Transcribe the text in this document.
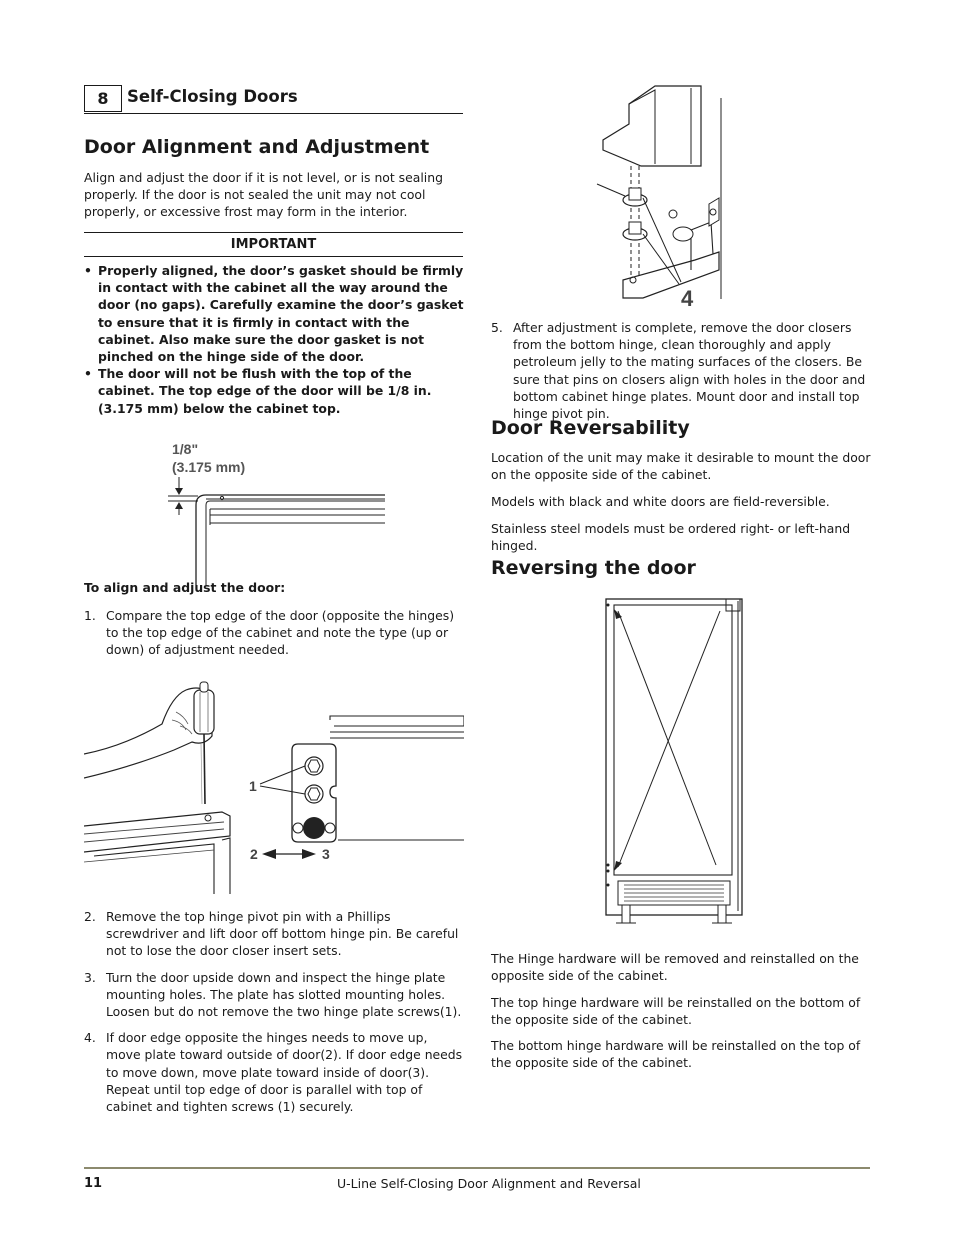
8	Self-Closing Doors
Door Alignment and Adjustment

Align and adjust the door if it is not level, or is not sealing properly. If the door is not sealed the unit may not cool properly, or excessive frost may form in the interior.

IMPORTANT
• Properly aligned, the door’s gasket should be firmly in contact with the cabinet all the way around the door (no gaps). Carefully examine the door’s gasket to ensure that it is firmly in contact with the cabinet. Also make sure the door gasket is not pinched on the hinge side of the door.
• The door will not be flush with the top of the cabinet. The top edge of the door will be 1/8 in. (3.175 mm) below the cabinet top.
1/8"
(3.175 mm)
To align and adjust the door:
1. Compare the top edge of the door (opposite the hinges) to the top edge of the cabinet and note the type (up or down) of adjustment needed.
1
2	3
2. Remove the top hinge pivot pin with a Phillips screwdriver and lift door off bottom hinge pin. Be careful not to lose the door closer insert sets.
3. Turn the door upside down and inspect the hinge plate mounting holes. The plate has slotted mounting holes. Loosen but do not remove the two hinge plate screws(1).
4. If door edge opposite the hinges needs to move up, move plate toward outside of door(2). If door edge needs to move down, move plate toward inside of door(3). Repeat until top edge of door is parallel with top of cabinet and tighten screws (1) securely.
4
5. After adjustment is complete, remove the door closers from the bottom hinge, clean thoroughly and apply petroleum jelly to the mating surfaces of the closers. Be sure that pins on closers align with holes in the door and bottom cabinet hinge plates. Mount door and install top hinge pivot pin.
Door Reversability

Location of the unit may make it desirable to mount the door on the opposite side of the cabinet.

Models with black and white doors are field-reversible.

Stainless steel models must be ordered right- or left-hand hinged.

Reversing the door

The Hinge hardware will be removed and reinstalled on the opposite side of the cabinet.

The top hinge hardware will be reinstalled on the bottom of the opposite side of the cabinet.

The bottom hinge hardware will be reinstalled on the top of the opposite side of the cabinet.

11	U-Line Self-Closing Door Alignment and Reversal
